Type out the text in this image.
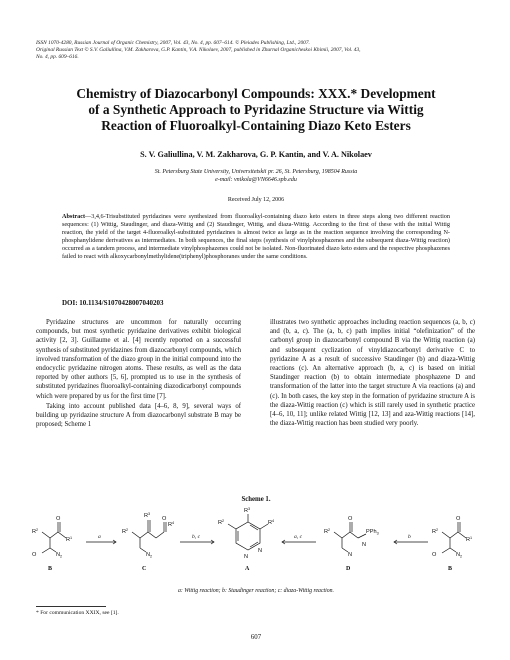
ISSN 1070-4280, Russian Journal of Organic Chemistry, 2007, Vol. 43, No. 4, pp. 607–614. © Pleiades Publishing, Ltd., 2007.
Original Russian Text © S.V. Galiullina, V.M. Zakharova, G.P. Kantin, V.A. Nikolaev, 2007, published in Zhurnal Organicheskoi Khimii, 2007, Vol. 43,
No. 4, pp. 609–616.
Chemistry of Diazocarbonyl Compounds: XXX.* Development
of a Synthetic Approach to Pyridazine Structure via Wittig
Reaction of Fluoroalkyl-Containing Diazo Keto Esters
S. V. Galiullina, V. M. Zakharova, G. P. Kantin, and V. A. Nikolaev
St. Petersburg State University, Universitetskii pr. 26, St. Petersburg, 198504 Russia
e-mail: vnikola@VN6646.spb.edu
Received July 12, 2006
Abstract—3,4,6-Trisubstituted pyridazines were synthesized from fluoroalkyl-containing diazo keto esters in three steps along two different reaction sequences: (1) Wittig, Staudinger, and diaza-Wittig and (2) Staudinger, Wittig, and diaza-Wittig. According to the first of these with the initial Wittig reaction, the yield of the target 4-fluoroalkyl-substituted pyridazines is almost twice as large as in the reaction sequence involving the corresponding N-phosphanylidene derivatives as intermediates. In both sequences, the final steps (synthesis of vinylphosphazenes and the subsequent diaza-Wittig reaction) occurred as a tandem process, and intermediate vinylphosphazenes could not be isolated. Non-fluorinated diazo keto esters and the respective phosphazenes failed to react with alkoxycarbonylmethylidene(triphenyl)phosphoranes under the same conditions.
DOI: 10.1134/S1070428007040203

Pyridazine structures are uncommon for naturally occurring compounds, but most synthetic pyridazine derivatives exhibit biological activity [2, 3]. Guillaume et al. [4] recently reported on a successful synthesis of substituted pyridazines from diazocarbonyl compounds, which involved transformation of the diazo group in the initial compound into the endocyclic pyridazine nitrogen atoms. These results, as well as the data reported by other authors [5, 6], prompted us to use in the synthesis of substituted pyridazines fluoroalkyl-containing diazodicarbonyl compounds which were prepared by us for the first time [7].

Taking into account published data [4–6, 8, 9], several ways of building up pyridazine structure A from diazocarbonyl substrate B may be proposed; Scheme 1

illustrates two synthetic approaches including reaction sequences (a, b, c) and (b, a, c). The (a, b, c) path implies initial “olefinization” of the carbonyl group in diazocarbonyl compound B via the Wittig reaction (a) and subsequent cyclization of vinyldiazocarbonyl derivative C to pyridazine A as a result of successive Staudinger (b) and diaza-Wittig reactions (c). An alternative approach (b, a, c) is based on initial Staudinger reaction (b) to obtain intermediate phosphazene D and transformation of the latter into the target structure A via reactions (a) and (c). In both cases, the key step in the formation of pyridazine structure A is the diaza-Wittig reaction (c) which is still rarely used in synthetic practice [4–6, 10, 11]; unlike related Wittig [12, 13] and aza-Wittig reactions [14], the diaza-Wittig reaction has been studied very poorly.

Scheme 1.
$R^2$
O
$R^1$
O	$N_2$
$R^2$
$R^3$
$R^4$
O
$N_2$
$R^3$
$R^4$
$R^2$
N
N
$R^2$
O
PPh$_3$
N
N
$R^2$
O
$R^1$
O	$N_2$
a	b, c	a, c	b
B	C	A	D	B
a: Wittig reaction; b: Staudinger reaction; c: diaza-Wittig reaction.
* For communication XXIX, see [1].
607
